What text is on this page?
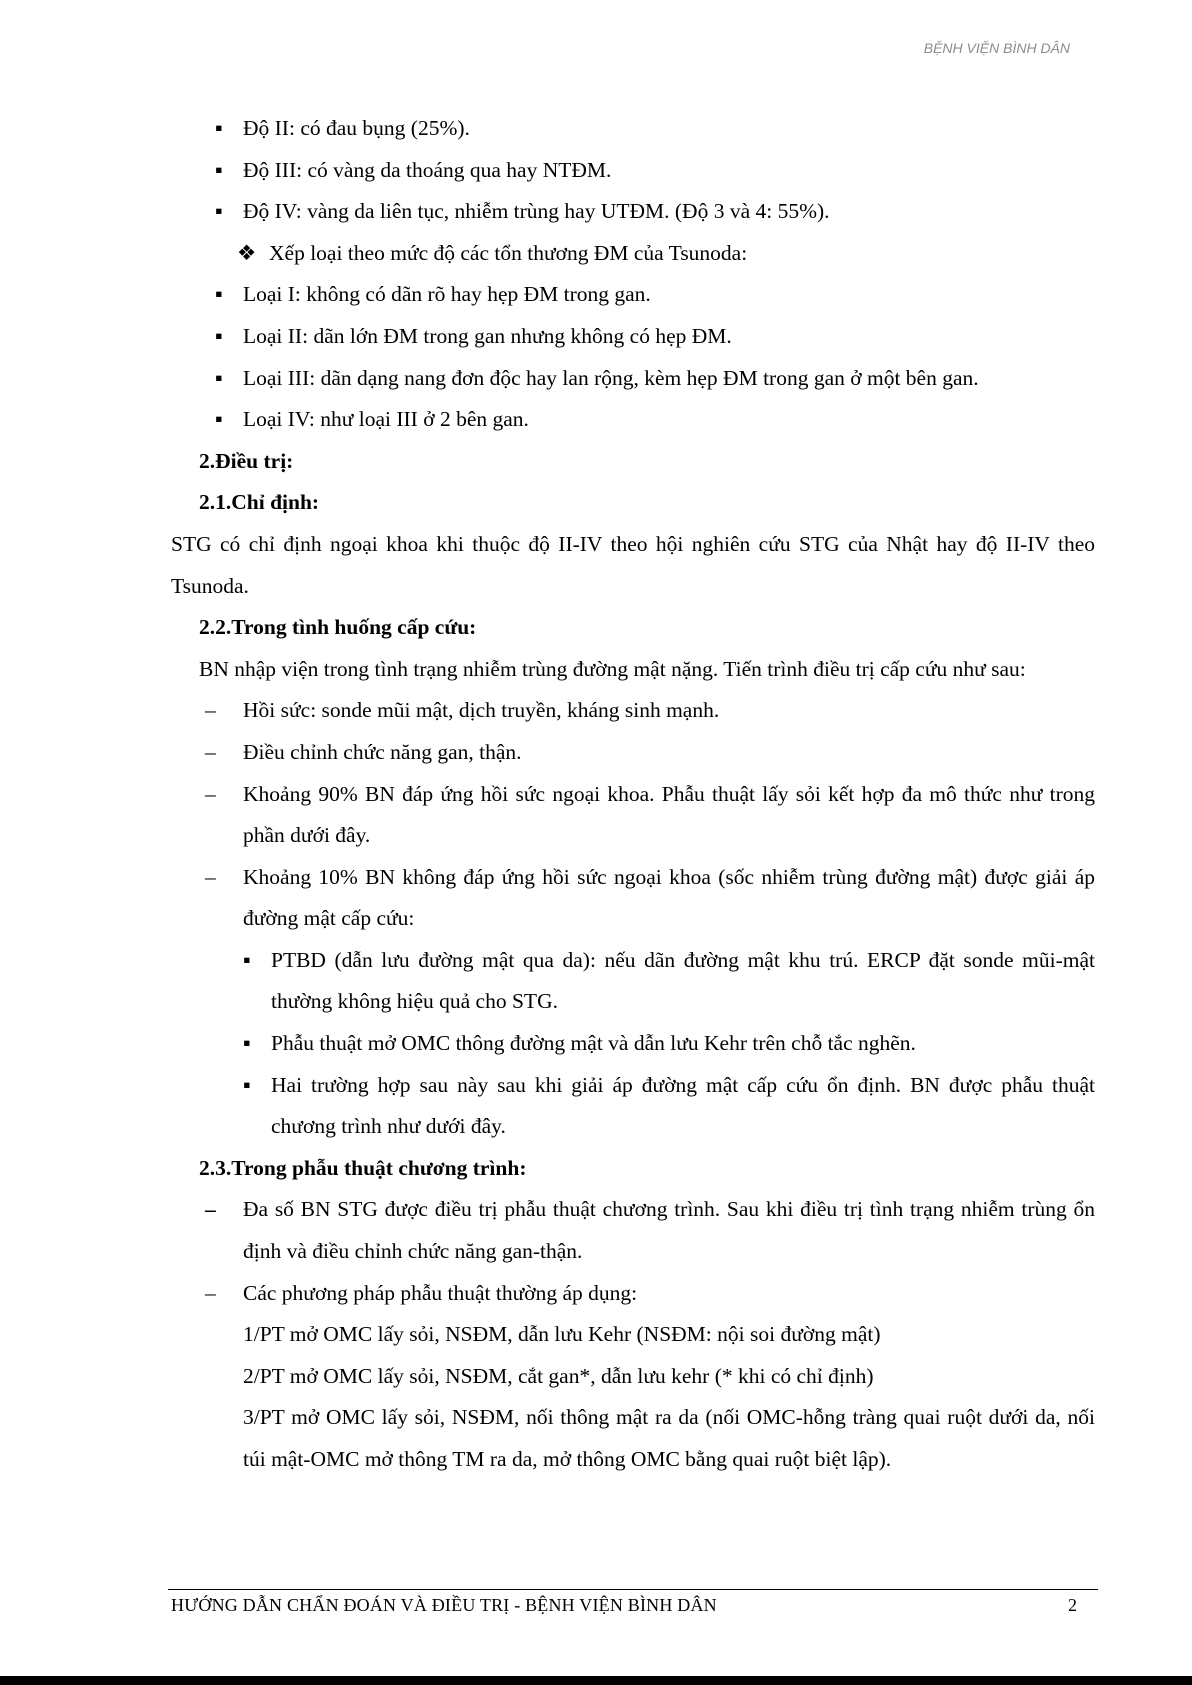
BỆNH VIỆN BÌNH DÂN
▪ Độ II: có đau bụng (25%).
▪ Độ III: có vàng da thoáng qua hay NTĐM.
▪ Độ IV: vàng da liên tục, nhiễm trùng hay UTĐM. (Độ 3 và 4: 55%).
❖ Xếp loại theo mức độ các tổn thương ĐM của Tsunoda:
▪ Loại I: không có dãn rõ hay hẹp ĐM trong gan.
▪ Loại II: dãn lớn ĐM trong gan nhưng không có hẹp ĐM.
▪ Loại III: dãn dạng nang đơn độc hay lan rộng, kèm hẹp ĐM trong gan ở một bên gan.
▪ Loại IV: như loại III ở 2 bên gan.
2.Điều trị:
2.1.Chỉ định:
STG có chỉ định ngoại khoa khi thuộc độ II-IV theo hội nghiên cứu STG của Nhật hay độ II-IV theo Tsunoda.
2.2.Trong tình huống cấp cứu:
BN nhập viện trong tình trạng nhiễm trùng đường mật nặng. Tiến trình điều trị cấp cứu như sau:
– Hồi sức: sonde mũi mật, dịch truyền, kháng sinh mạnh.
– Điều chỉnh chức năng gan, thận.
– Khoảng 90% BN đáp ứng hồi sức ngoại khoa. Phẫu thuật lấy sỏi kết hợp đa mô thức như trong phần dưới đây.
– Khoảng 10% BN không đáp ứng hồi sức ngoại khoa (sốc nhiễm trùng đường mật) được giải áp đường mật cấp cứu:
▪ PTBD (dẫn lưu đường mật qua da): nếu dãn đường mật khu trú. ERCP đặt sonde mũi-mật thường không hiệu quả cho STG.
▪ Phẫu thuật mở OMC thông đường mật và dẫn lưu Kehr trên chỗ tắc nghẽn.
▪ Hai trường hợp sau này sau khi giải áp đường mật cấp cứu ổn định. BN được phẫu thuật chương trình như dưới đây.
2.3.Trong phẫu thuật chương trình:
– Đa số BN STG được điều trị phẫu thuật chương trình. Sau khi điều trị tình trạng nhiễm trùng ổn định và điều chỉnh chức năng gan-thận.
– Các phương pháp phẫu thuật thường áp dụng:
1/PT mở OMC lấy sỏi, NSĐM, dẫn lưu Kehr (NSĐM: nội soi đường mật)
2/PT mở OMC lấy sỏi, NSĐM, cắt gan*, dẫn lưu kehr (* khi có chỉ định)
3/PT mở OMC lấy sỏi, NSĐM, nối thông mật ra da (nối OMC-hỗng tràng quai ruột dưới da, nối túi mật-OMC mở thông TM ra da, mở thông OMC bằng quai ruột biệt lập).
HƯỚNG DẪN CHẨN ĐOÁN VÀ ĐIỀU TRỊ - BỆNH VIỆN BÌNH DÂN	2
